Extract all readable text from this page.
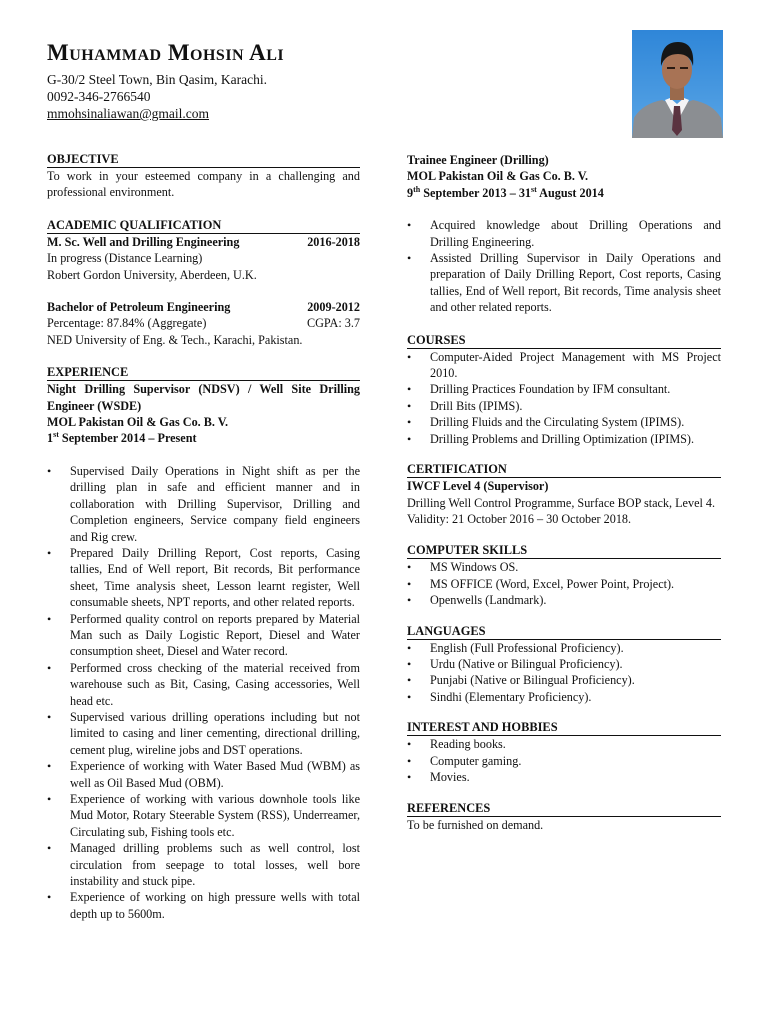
Muhammad Mohsin Ali
G-30/2 Steel Town, Bin Qasim, Karachi.
0092-346-2766540
mmohsinaliawan@gmail.com
OBJECTIVE
To work in your esteemed company in a challenging and professional environment.
ACADEMIC QUALIFICATION
M. Sc. Well and Drilling Engineering	2016-2018
In progress (Distance Learning)
Robert Gordon University, Aberdeen, U.K.
Bachelor of Petroleum Engineering	2009-2012
Percentage: 87.84% (Aggregate)	CGPA: 3.7
NED University of Eng. & Tech., Karachi, Pakistan.
EXPERIENCE
Night Drilling Supervisor (NDSV) / Well Site Drilling Engineer (WSDE)
MOL Pakistan Oil & Gas Co. B. V.
1st September 2014 – Present
• Supervised Daily Operations in Night shift as per the drilling plan in safe and efficient manner and in collaboration with Drilling Supervisor, Drilling and Completion engineers, Service company field engineers and Rig crew.
• Prepared Daily Drilling Report, Cost reports, Casing tallies, End of Well report, Bit records, Bit performance sheet, Time analysis sheet, Lesson learnt register, Well consumable sheets, NPT reports, and other related reports.
• Performed quality control on reports prepared by Material Man such as Daily Logistic Report, Diesel and Water consumption sheet, Diesel and Water record.
• Performed cross checking of the material received from warehouse such as Bit, Casing, Casing accessories, Well head etc.
• Supervised various drilling operations including but not limited to casing and liner cementing, directional drilling, cement plug, wireline jobs and DST operations.
• Experience of working with Water Based Mud (WBM) as well as Oil Based Mud (OBM).
• Experience of working with various downhole tools like Mud Motor, Rotary Steerable System (RSS), Underreamer, Circulating sub, Fishing tools etc.
• Managed drilling problems such as well control, lost circulation from seepage to total losses, well bore instability and stuck pipe.
• Experience of working on high pressure wells with total depth up to 5600m.
Trainee Engineer (Drilling)
MOL Pakistan Oil & Gas Co. B. V.
9th September 2013 – 31st August 2014
• Acquired knowledge about Drilling Operations and Drilling Engineering.
• Assisted Drilling Supervisor in Daily Operations and preparation of Daily Drilling Report, Cost reports, Casing tallies, End of Well report, Bit records, Time analysis sheet and other related reports.
COURSES
• Computer-Aided Project Management with MS Project 2010.
• Drilling Practices Foundation by IFM consultant.
• Drill Bits (IPIMS).
• Drilling Fluids and the Circulating System (IPIMS).
• Drilling Problems and Drilling Optimization (IPIMS).
CERTIFICATION
IWCF Level 4 (Supervisor)
Drilling Well Control Programme, Surface BOP stack, Level 4.
Validity: 21 October 2016 – 30 October 2018.
COMPUTER SKILLS
• MS Windows OS.
• MS OFFICE (Word, Excel, Power Point, Project).
• Openwells (Landmark).
LANGUAGES
• English (Full Professional Proficiency).
• Urdu (Native or Bilingual Proficiency).
• Punjabi (Native or Bilingual Proficiency).
• Sindhi (Elementary Proficiency).
INTEREST AND HOBBIES
• Reading books.
• Computer gaming.
• Movies.
REFERENCES
To be furnished on demand.
